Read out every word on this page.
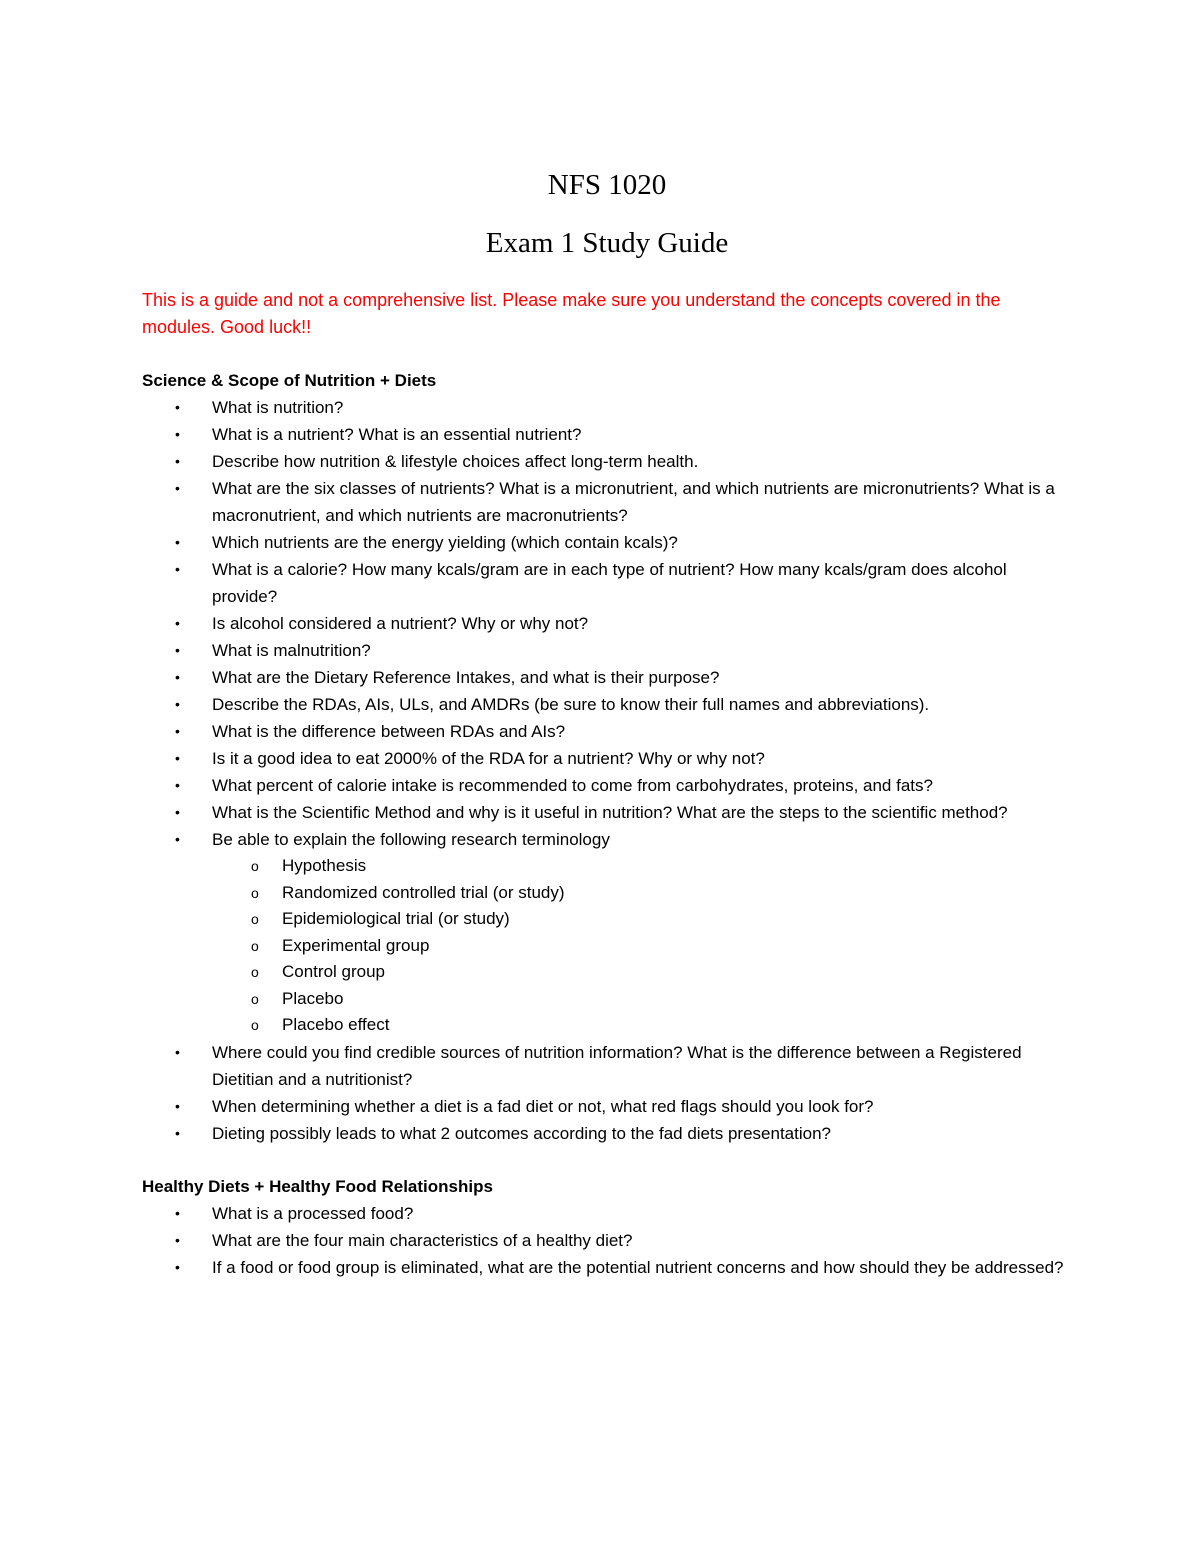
NFS 1020
Exam 1 Study Guide

This is a guide and not a comprehensive list. Please make sure you understand the concepts covered in the modules. Good luck!!

Science & Scope of Nutrition + Diets

• What is nutrition?
• What is a nutrient? What is an essential nutrient?
• Describe how nutrition & lifestyle choices affect long-term health.
• What are the six classes of nutrients? What is a micronutrient, and which nutrients are micronutrients? What is a macronutrient, and which nutrients are macronutrients?
• Which nutrients are the energy yielding (which contain kcals)?
• What is a calorie? How many kcals/gram are in each type of nutrient? How many kcals/gram does alcohol provide?
• Is alcohol considered a nutrient? Why or why not?
• What is malnutrition?
• What are the Dietary Reference Intakes, and what is their purpose?
• Describe the RDAs, AIs, ULs, and AMDRs (be sure to know their full names and abbreviations).
• What is the difference between RDAs and AIs?
• Is it a good idea to eat 2000% of the RDA for a nutrient? Why or why not?
• What percent of calorie intake is recommended to come from carbohydrates, proteins, and fats?
• What is the Scientific Method and why is it useful in nutrition? What are the steps to the scientific method?
• Be able to explain the following research terminology
o Hypothesis
o Randomized controlled trial (or study)
o Epidemiological trial (or study)
o Experimental group
o Control group
o Placebo
o Placebo effect
• Where could you find credible sources of nutrition information? What is the difference between a Registered Dietitian and a nutritionist?
• When determining whether a diet is a fad diet or not, what red flags should you look for?
• Dieting possibly leads to what 2 outcomes according to the fad diets presentation?

Healthy Diets + Healthy Food Relationships

• What is a processed food?
• What are the four main characteristics of a healthy diet?
• If a food or food group is eliminated, what are the potential nutrient concerns and how should they be addressed?
